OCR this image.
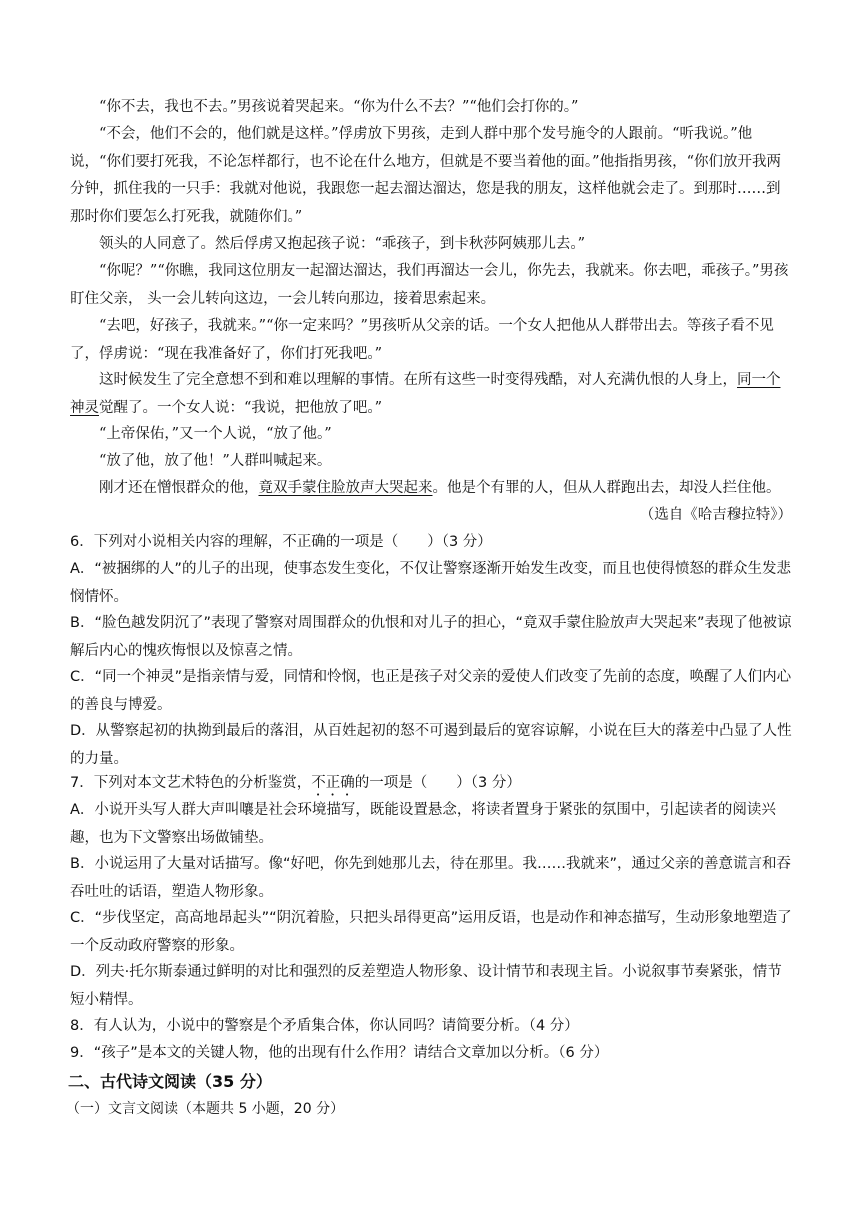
“你不去，我也不去。”男孩说着哭起来。“你为什么不去？”“他们会打你的。”

“不会，他们不会的，他们就是这样。”俘虏放下男孩，走到人群中那个发号施令的人跟前。“听我说。”他说，“你们要打死我，不论怎样都行，也不论在什么地方，但就是不要当着他的面。”他指指男孩，“你们放开我两分钟，抓住我的一只手：我就对他说，我跟您一起去溜达溜达，您是我的朋友，这样他就会走了。到那时……到那时你们要怎么打死我，就随你们。”

领头的人同意了。然后俘虏又抱起孩子说：“乖孩子，到卡秋莎阿姨那儿去。”

“你呢？”“你瞧，我同这位朋友一起溜达溜达，我们再溜达一会儿，你先去，我就来。你去吧，乖孩子。”男孩盯住父亲， 头一会儿转向这边，一会儿转向那边，接着思索起来。

“去吧，好孩子，我就来。”“你一定来吗？”男孩听从父亲的话。一个女人把他从人群带出去。等孩子看不见了，俘虏说：“现在我准备好了，你们打死我吧。”

这时候发生了完全意想不到和难以理解的事情。在所有这些一时变得残酷，对人充满仇恨的人身上，同一个神灵觉醒了。一个女人说：“我说，把他放了吧。”

“上帝保佑，”又一个人说，“放了他。”

“放了他，放了他！”人群叫喊起来。

刚才还在憎恨群众的他，竟双手蒙住脸放声大哭起来。他是个有罪的人，但从人群跑出去，却没人拦住他。

（选自《哈吉穆拉特》）

6．下列对小说相关内容的理解，不正确的一项是（　　）（3 分）

A．“被捆绑的人”的儿子的出现，使事态发生变化，不仅让警察逐渐开始发生改变，而且也使得愤怒的群众生发悲悯情怀。

B．“脸色越发阴沉了”表现了警察对周围群众的仇恨和对儿子的担心，“竟双手蒙住脸放声大哭起来”表现了他被谅解后内心的愧疚悔恨以及惊喜之情。

C．“同一个神灵”是指亲情与爱，同情和怜悯，也正是孩子对父亲的爱使人们改变了先前的态度，唤醒了人们内心的善良与博爱。

D．从警察起初的执拗到最后的落泪，从百姓起初的怒不可遏到最后的宽容谅解，小说在巨大的落差中凸显了人性的力量。

7．下列对本文艺术特色的分析鉴赏，不正确的一项是（　　）（3 分）

A．小说开头写人群大声叫嚷是社会环境描写，既能设置悬念，将读者置身于紧张的氛围中，引起读者的阅读兴趣，也为下文警察出场做铺垫。

B．小说运用了大量对话描写。像“好吧，你先到她那儿去，待在那里。我……我就来”，通过父亲的善意谎言和吞吞吐吐的话语，塑造人物形象。

C．“步伐坚定，高高地昂起头”“阴沉着脸，只把头昂得更高”运用反语，也是动作和神态描写，生动形象地塑造了一个反动政府警察的形象。

D．列夫·托尔斯泰通过鲜明的对比和强烈的反差塑造人物形象、设计情节和表现主旨。小说叙事节奏紧张，情节短小精悍。

8．有人认为，小说中的警察是个矛盾集合体，你认同吗？请简要分析。（4 分）

9．“孩子”是本文的关键人物，他的出现有什么作用？请结合文章加以分析。（6 分）

二、古代诗文阅读（35 分）

（一）文言文阅读（本题共 5 小题，20 分）
